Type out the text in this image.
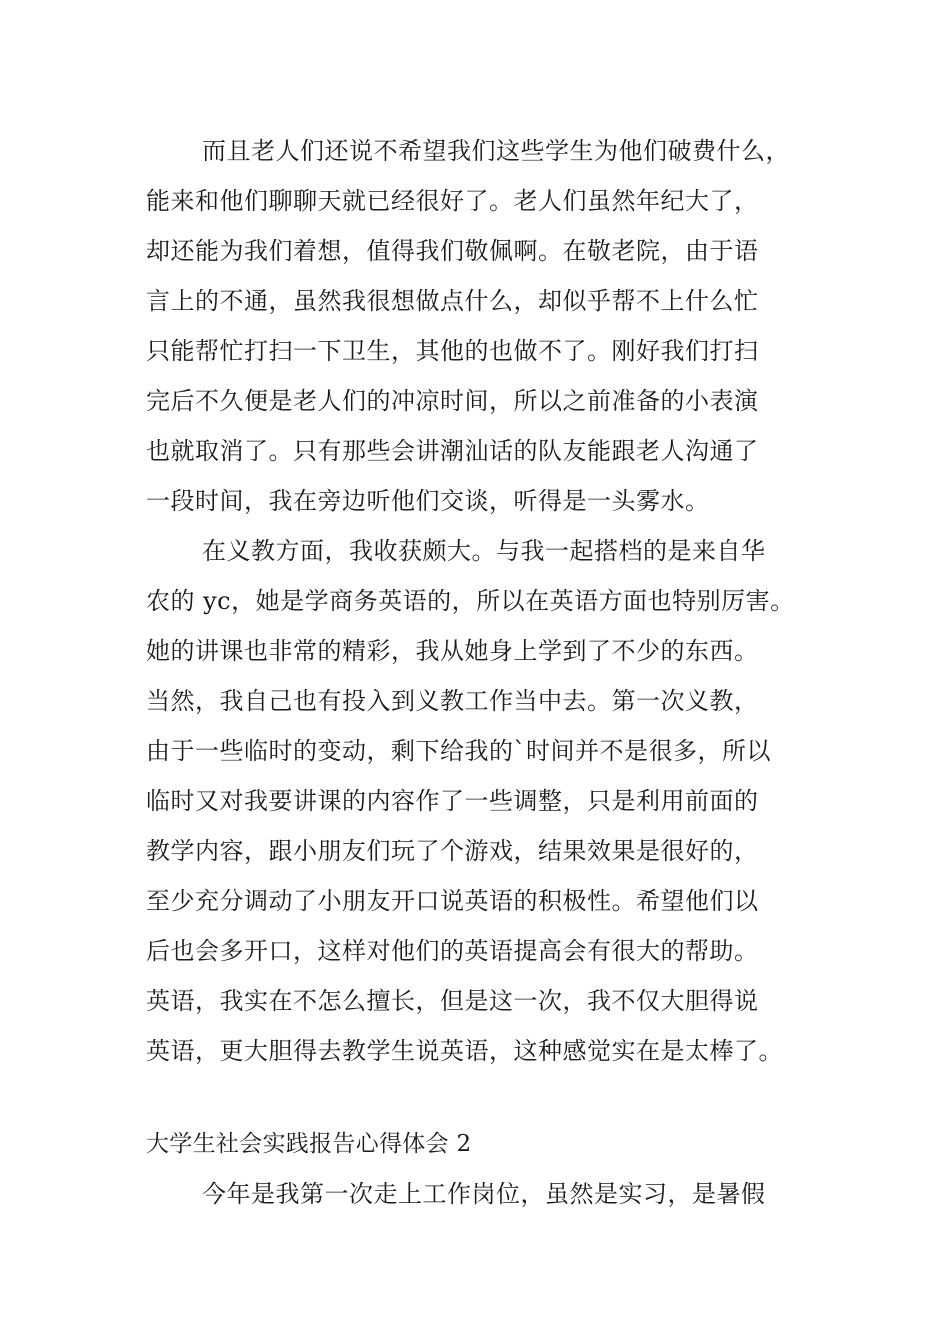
而且老人们还说不希望我们这些学生为他们破费什么，
能来和他们聊聊天就已经很好了。老人们虽然年纪大了，
却还能为我们着想，值得我们敬佩啊。在敬老院，由于语
言上的不通，虽然我很想做点什么，却似乎帮不上什么忙
只能帮忙打扫一下卫生，其他的也做不了。刚好我们打扫
完后不久便是老人们的冲凉时间，所以之前准备的小表演
也就取消了。只有那些会讲潮汕话的队友能跟老人沟通了
一段时间，我在旁边听他们交谈，听得是一头雾水。
在义教方面，我收获颇大。与我一起搭档的是来自华
农的 yc，她是学商务英语的，所以在英语方面也特别厉害。
她的讲课也非常的精彩，我从她身上学到了不少的东西。
当然，我自己也有投入到义教工作当中去。第一次义教，
由于一些临时的变动，剩下给我的`时间并不是很多，所以
临时又对我要讲课的内容作了一些调整，只是利用前面的
教学内容，跟小朋友们玩了个游戏，结果效果是很好的，
至少充分调动了小朋友开口说英语的积极性。希望他们以
后也会多开口，这样对他们的英语提高会有很大的帮助。
英语，我实在不怎么擅长，但是这一次，我不仅大胆得说
英语，更大胆得去教学生说英语，这种感觉实在是太棒了。
大学生社会实践报告心得体会 2
今年是我第一次走上工作岗位，虽然是实习，是暑假
